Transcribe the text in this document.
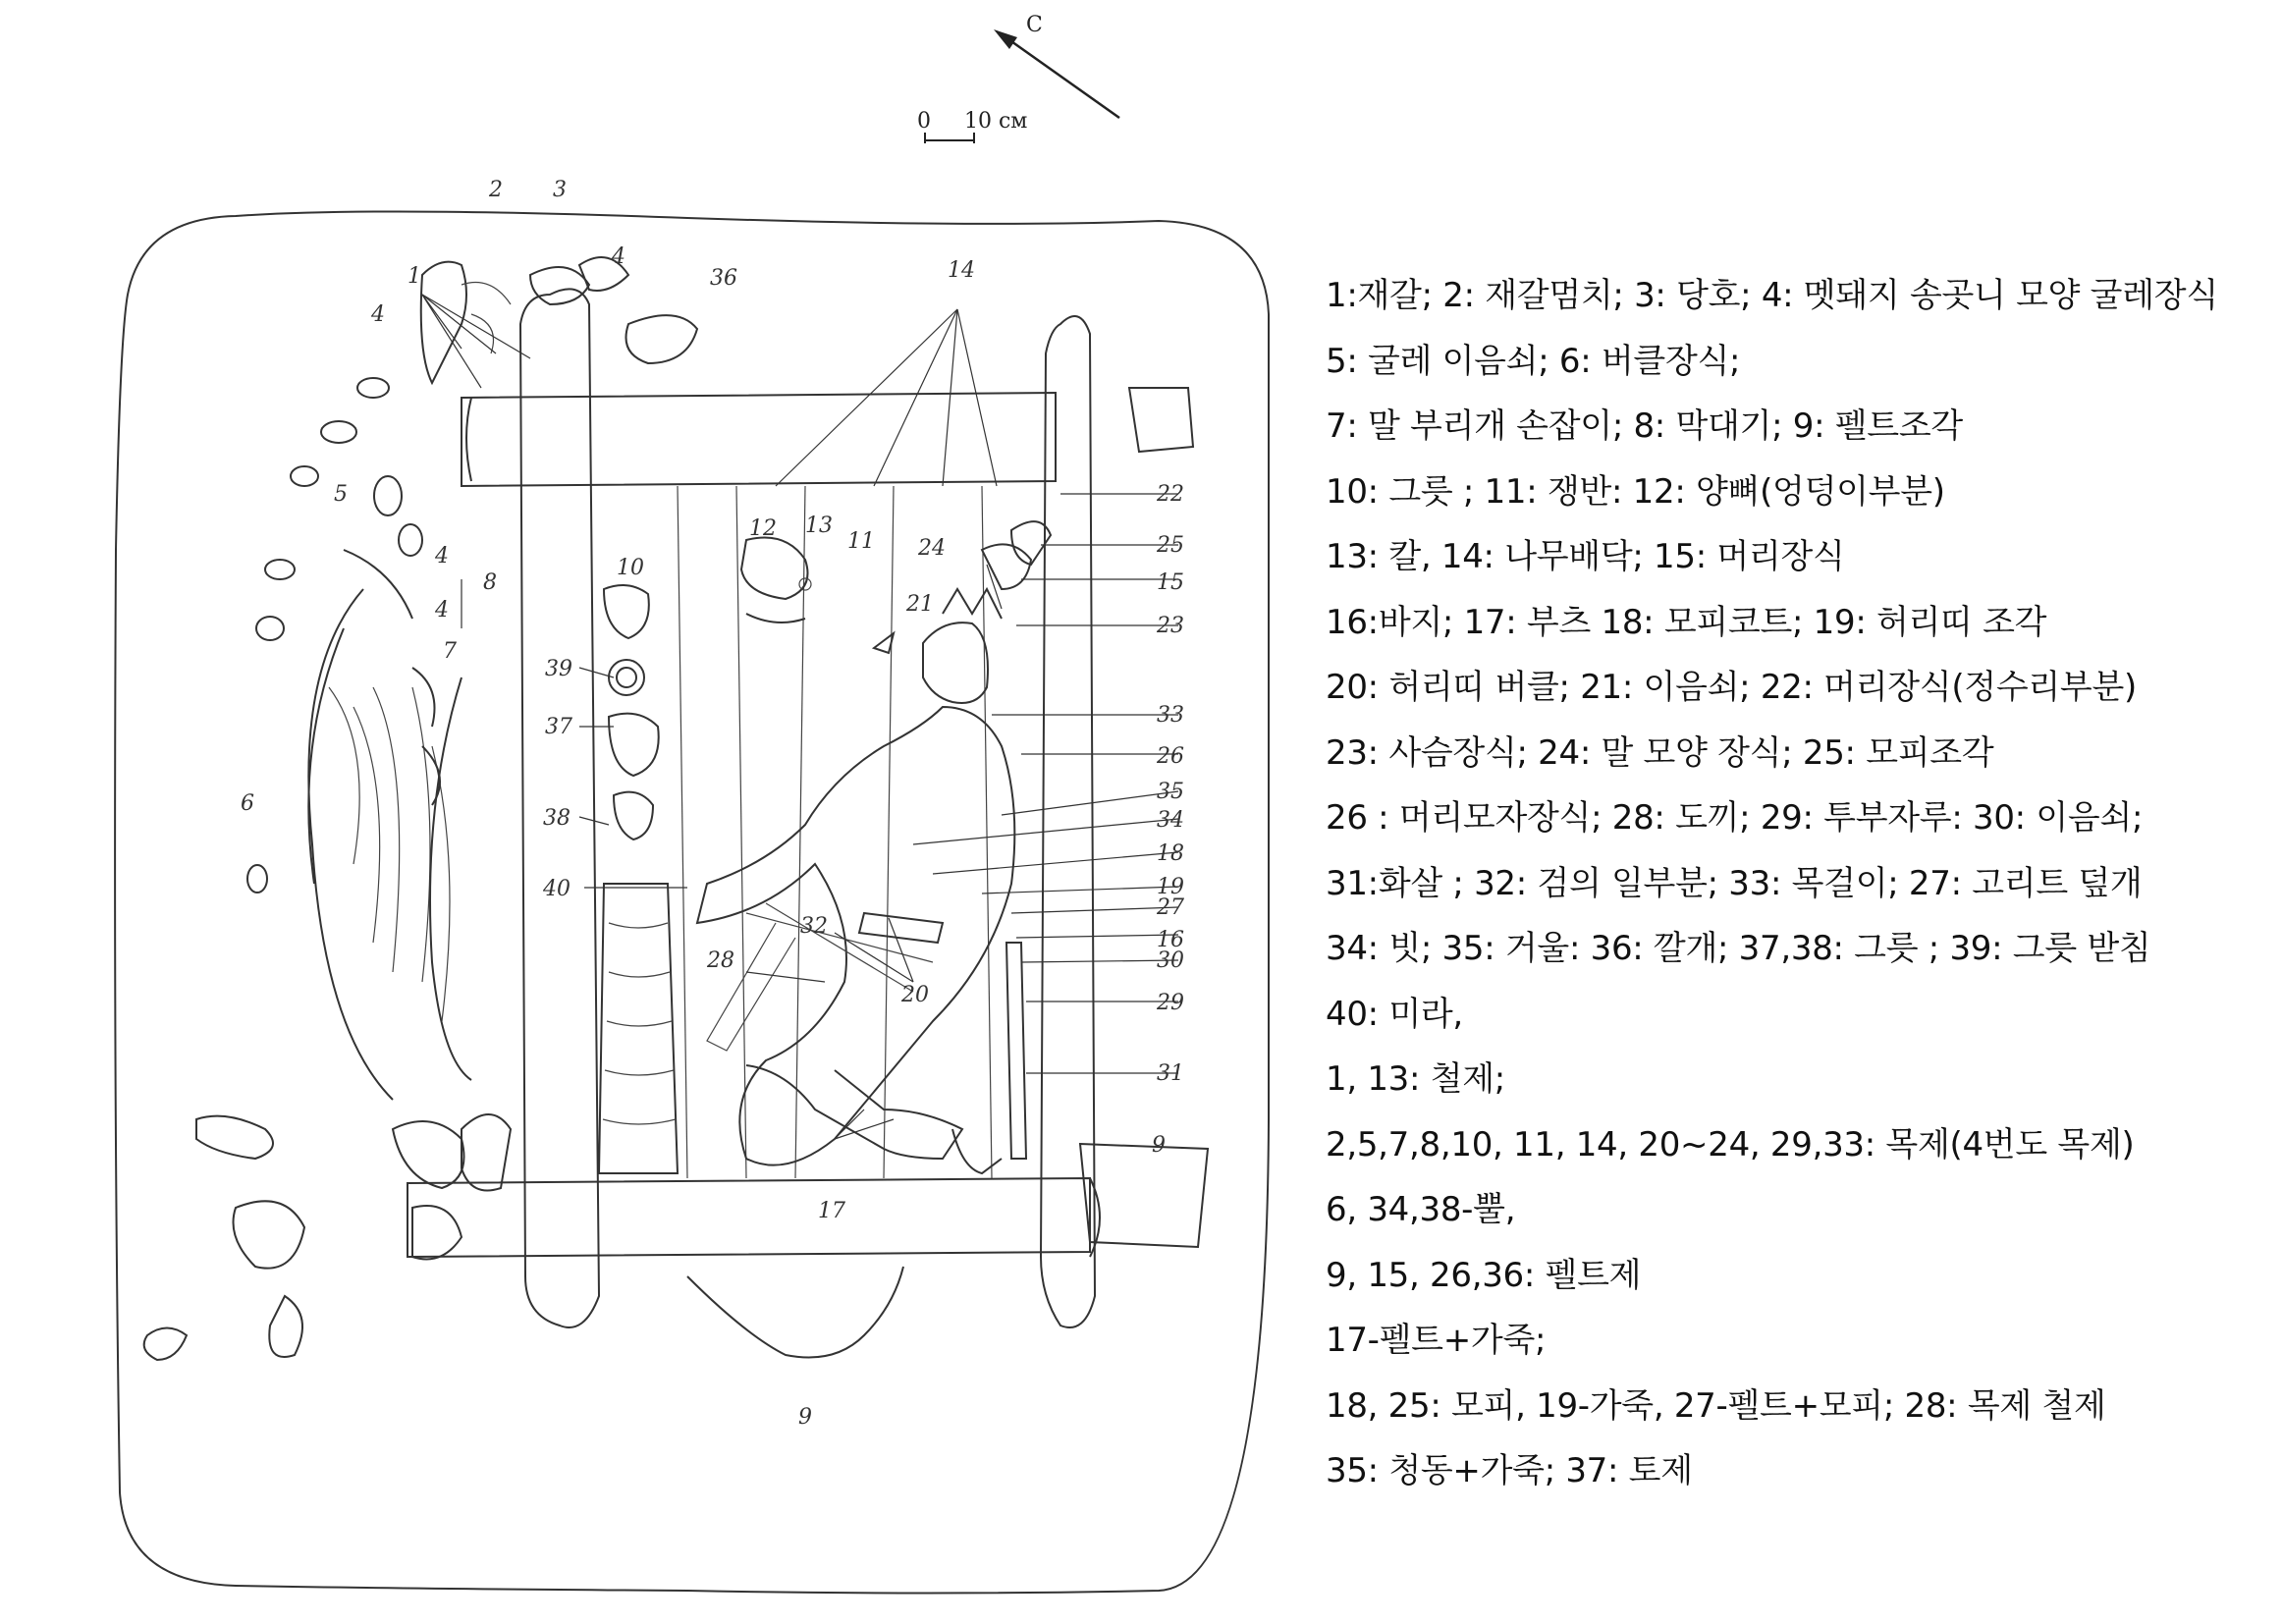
C
0 10 см
1
2 3
4
4
4
5
4
6
7
8
9
9
10
11
12 13
14
15
16
17
18
19
20
21
22
23
24	25
26
27
28
29
30
31
32
33
34
35
36
37
38
39
40
1:재갈; 2: 재갈멈치; 3: 당호; 4: 멧돼지 송곳니 모양 굴레장식
5: 굴레 이음쇠; 6: 버클장식;
7: 말 부리개 손잡이; 8: 막대기; 9: 펠트조각
10: 그릇 ; 11: 쟁반: 12: 양뼈(엉덩이부분)
13: 칼, 14: 나무배닥; 15: 머리장식
16:바지; 17: 부츠 18: 모피코트; 19: 허리띠 조각
20: 허리띠 버클; 21: 이음쇠; 22: 머리장식(정수리부분)
23: 사슴장식; 24: 말 모양 장식; 25: 모피조각
26 : 머리모자장식; 28: 도끼; 29: 투부자루: 30: 이음쇠;
31:화살 ; 32: 검의 일부분; 33: 목걸이; 27: 고리트 덮개
34: 빗; 35: 거울: 36: 깔개; 37,38: 그릇 ; 39: 그릇 받침
40: 미라,
1, 13: 철제;
2,5,7,8,10, 11, 14, 20~24, 29,33: 목제(4번도 목제)
6, 34,38-뿔,
9, 15, 26,36: 펠트제
17-펠트+가죽;
18, 25: 모피, 19-가죽, 27-펠트+모피; 28: 목제 철제
35: 청동+가죽; 37: 토제
